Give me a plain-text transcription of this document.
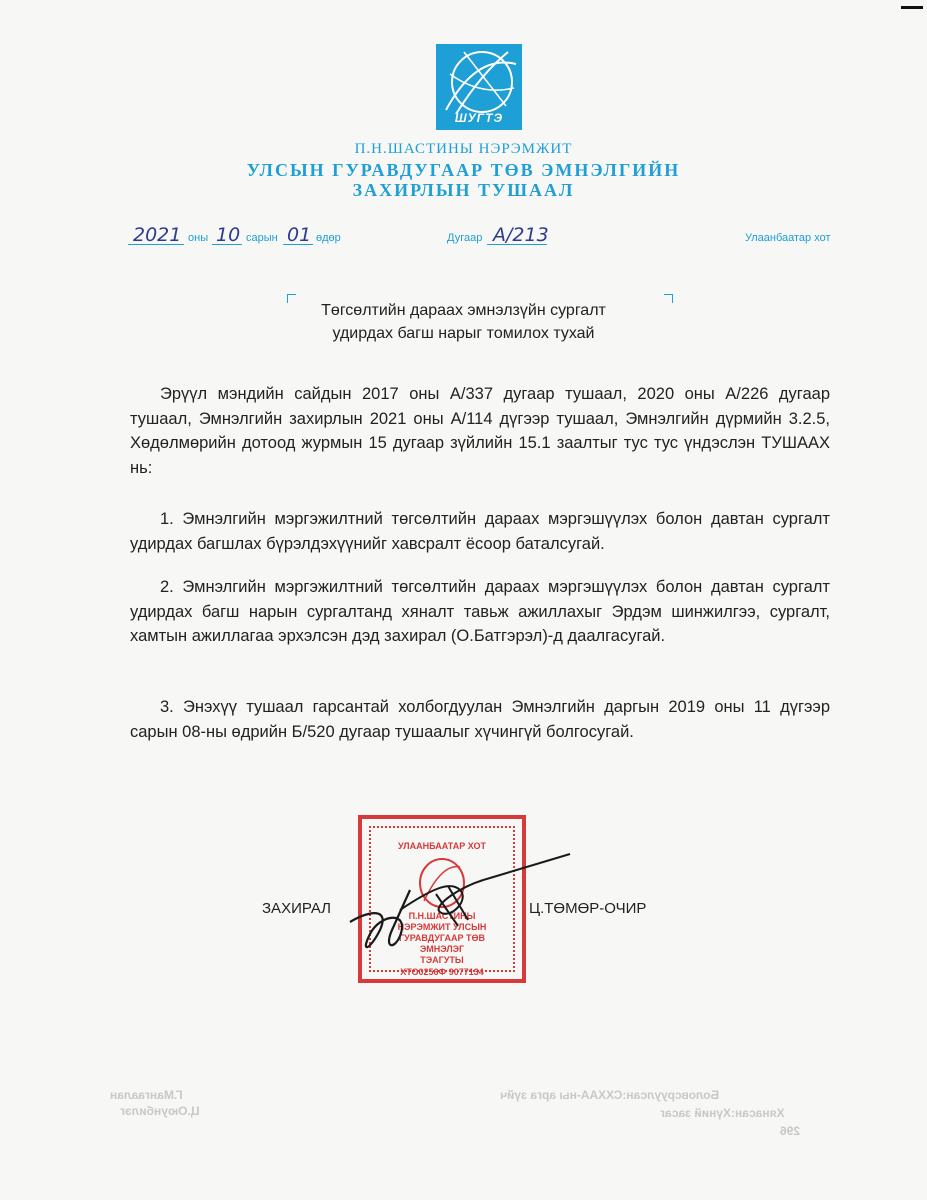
ШУГТЭ
П.Н.ШАСТИНЫ НЭРЭМЖИТ
УЛСЫН ГУРАВДУГААР ТӨВ ЭМНЭЛГИЙН
ЗАХИРЛЫН ТУШААЛ
2021 оны 10 сарын 01 өдөр	Дугаар А/213	Улаанбаатар хот
Төгсөлтийн дараах эмнэлзүйн сургалт
удирдах багш нарыг томилох тухай
Эрүүл мэндийн сайдын 2017 оны А/337 дугаар тушаал, 2020 оны А/226 дугаар тушаал, Эмнэлгийн захирлын 2021 оны А/114 дүгээр тушаал, Эмнэлгийн дүрмийн 3.2.5, Хөдөлмөрийн дотоод журмын 15 дугаар зүйлийн 15.1 заалтыг тус тус үндэслэн ТУШААХ нь:
1. Эмнэлгийн мэргэжилтний төгсөлтийн дараах мэргэшүүлэх болон давтан сургалт удирдах багшлах бүрэлдэхүүнийг хавсралт ёсоор баталсугай.
2. Эмнэлгийн мэргэжилтний төгсөлтийн дараах мэргэшүүлэх болон давтан сургалт удирдах багш нарын сургалтанд хяналт тавьж ажиллахыг Эрдэм шинжилгээ, сургалт, хамтын ажиллагаа эрхэлсэн дэд захирал (О.Батгэрэл)-д даалгасугай.
3. Энэхүү тушаал гарсантай холбогдуулан Эмнэлгийн даргын 2019 оны 11 дүгээр сарын 08-ны өдрийн Б/520 дугаар тушаалыг хүчингүй болгосугай.
УЛААНБААТАР ХОТ
П.Н.ШАСТИНЫ
НЭРЭМЖИТ УЛСЫН
ГУРАВДУГААР ТӨВ
ЭМНЭЛЭГ
ТЭАГУТЫ
ХТО0256Ф 9077134
ЗАХИРАЛ	Ц.ТӨМӨР-ОЧИР
Боловсруулсан:СХХАА-ны арга зүйч
Хянасан:Хүний засаг
296
Г.Мангаалан
Ц.Оюунбилэг
